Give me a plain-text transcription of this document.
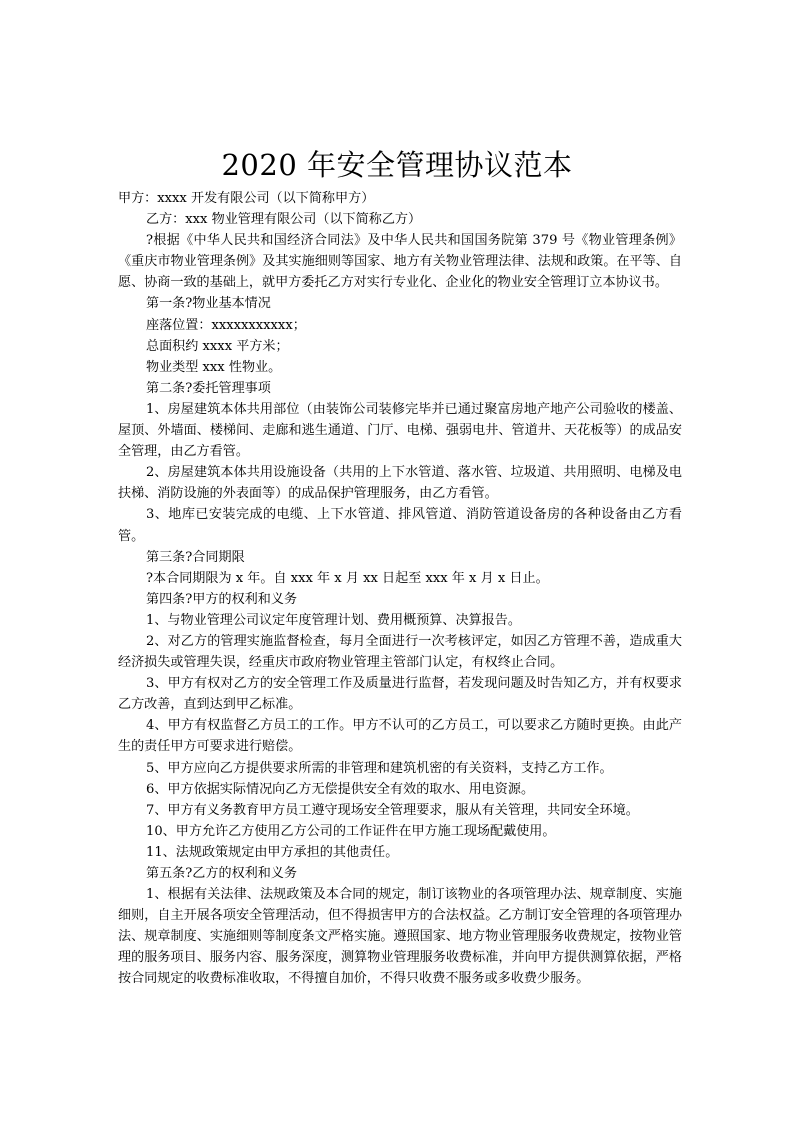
2020 年安全管理协议范本

甲方：xxxx 开发有限公司（以下简称甲方）

乙方：xxx 物业管理有限公司（以下简称乙方）

?根据《中华人民共和国经济合同法》及中华人民共和国国务院第 379 号《物业管理条例》《重庆市物业管理条例》及其实施细则等国家、地方有关物业管理法律、法规和政策。在平等、自愿、协商一致的基础上，就甲方委托乙方对实行专业化、企业化的物业安全管理订立本协议书。

第一条?物业基本情况

座落位置：xxxxxxxxxxx；

总面积约 xxxx 平方米；

物业类型 xxx 性物业。

第二条?委托管理事项

1、房屋建筑本体共用部位（由装饰公司装修完毕并已通过聚富房地产地产公司验收的楼盖、屋顶、外墙面、楼梯间、走廊和逃生通道、门厅、电梯、强弱电井、管道井、天花板等）的成品安全管理，由乙方看管。

2、房屋建筑本体共用设施设备（共用的上下水管道、落水管、垃圾道、共用照明、电梯及电扶梯、消防设施的外表面等）的成品保护管理服务，由乙方看管。

3、地库已安装完成的电缆、上下水管道、排风管道、消防管道设备房的各种设备由乙方看管。

第三条?合同期限

?本合同期限为 x 年。自 xxx 年 x 月 xx 日起至 xxx 年 x 月 x 日止。

第四条?甲方的权利和义务

1、与物业管理公司议定年度管理计划、费用概预算、决算报告。

2、对乙方的管理实施监督检查，每月全面进行一次考核评定，如因乙方管理不善，造成重大经济损失或管理失误，经重庆市政府物业管理主管部门认定，有权终止合同。

3、甲方有权对乙方的安全管理工作及质量进行监督，若发现问题及时告知乙方，并有权要求乙方改善，直到达到甲乙标准。

4、甲方有权监督乙方员工的工作。甲方不认可的乙方员工，可以要求乙方随时更换。由此产生的责任甲方可要求进行赔偿。

5、甲方应向乙方提供要求所需的非管理和建筑机密的有关资料，支持乙方工作。

6、甲方依据实际情况向乙方无偿提供安全有效的取水、用电资源。

7、甲方有义务教育甲方员工遵守现场安全管理要求，服从有关管理，共同安全环境。

10、甲方允许乙方使用乙方公司的工作证件在甲方施工现场配戴使用。

11、法规政策规定由甲方承担的其他责任。

第五条?乙方的权利和义务

1、根据有关法律、法规政策及本合同的规定，制订该物业的各项管理办法、规章制度、实施细则，自主开展各项安全管理活动，但不得损害甲方的合法权益。乙方制订安全管理的各项管理办法、规章制度、实施细则等制度条文严格实施。遵照国家、地方物业管理服务收费规定，按物业管理的服务项目、服务内容、服务深度，测算物业管理服务收费标准，并向甲方提供测算依据，严格按合同规定的收费标准收取，不得擅自加价，不得只收费不服务或多收费少服务。
